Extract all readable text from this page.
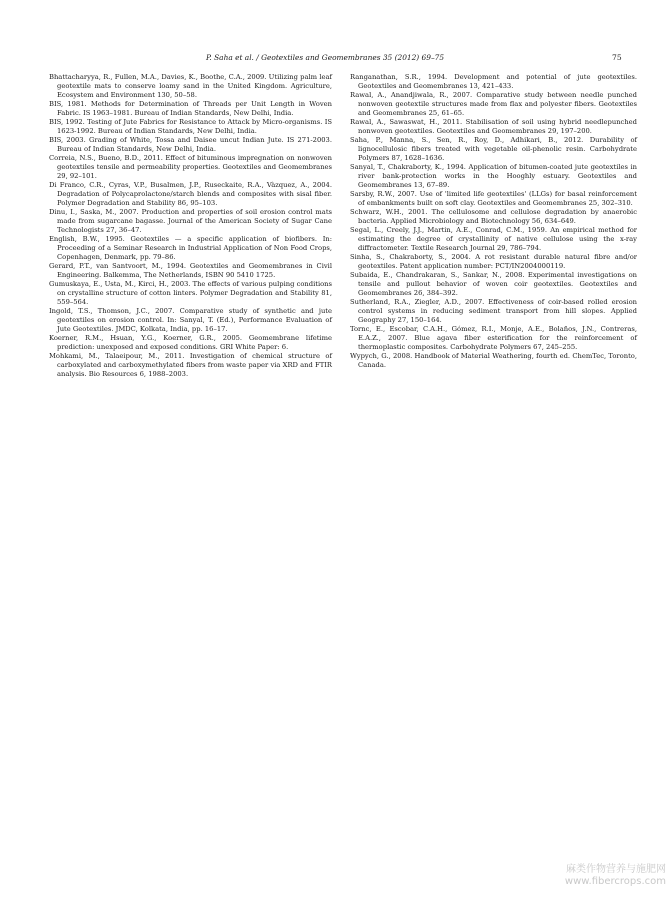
P. Saha et al. / Geotextiles and Geomembranes 35 (2012) 69–75	75

Bhattacharyya, R., Fullen, M.A., Davies, K., Boothe, C.A., 2009. Utilizing palm leaf geotextile mats to conserve loamy sand in the United Kingdom. Agriculture, Ecosystem and Environment 130, 50–58.

BIS, 1981. Methods for Determination of Threads per Unit Length in Woven Fabric. IS 1963–1981. Bureau of Indian Standards, New Delhi, India.

BIS, 1992. Testing of Jute Fabrics for Resistance to Attack by Micro-organisms. IS 1623-1992. Bureau of Indian Standards, New Delhi, India.

BIS, 2003. Grading of White, Tossa and Daisee uncut Indian Jute. IS 271-2003. Bureau of Indian Standards, New Delhi, India.

Correia, N.S., Bueno, B.D., 2011. Effect of bituminous impregnation on nonwoven geotextiles tensile and permeability properties. Geotextiles and Geomembranes 29, 92–101.

Di Franco, C.R., Cyras, V.P., Busalmen, J.P., Ruseckaite, R.A., Vàzquez, A., 2004. Degradation of Polycaprolactone/starch blends and composites with sisal fiber. Polymer Degradation and Stability 86, 95–103.

Dinu, I., Saska, M., 2007. Production and properties of soil erosion control mats made from sugarcane bagasse. Journal of the American Society of Sugar Cane Technologists 27, 36–47.

English, B.W., 1995. Geotextiles — a specific application of biofibers. In: Proceeding of a Seminar Research in Industrial Application of Non Food Crops, Copenhagen, Denmark, pp. 79–86.

Gerard, P.T., van Santvoort, M., 1994. Geotextiles and Geomembranes in Civil Engineering. Balkemma, The Netherlands, ISBN 90 5410 1725.

Gumuskaya, E., Usta, M., Kirci, H., 2003. The effects of various pulping conditions on crystalline structure of cotton linters. Polymer Degradation and Stability 81, 559–564.

Ingold, T.S., Thomson, J.C., 2007. Comparative study of synthetic and jute geotextiles on erosion control. In: Sanyal, T. (Ed.), Performance Evaluation of Jute Geotextiles. JMDC, Kolkata, India, pp. 16–17.

Koerner, R.M., Hsuan, Y.G., Koerner, G.R., 2005. Geomembrane lifetime prediction: unexposed and exposed conditions. GRI White Paper: 6.

Mohkami, M., Talaeipour, M., 2011. Investigation of chemical structure of carboxylated and carboxymethylated fibers from waste paper via XRD and FTIR analysis. Bio Resources 6, 1988–2003.

Ranganathan, S.R., 1994. Development and potential of jute geotextiles. Geotextiles and Geomembranes 13, 421–433.

Rawal, A., Anandjiwala, R., 2007. Comparative study between needle punched nonwoven geotextile structures made from flax and polyester fibers. Geotextiles and Geomembranes 25, 61–65.

Rawal, A., Sawaswat, H., 2011. Stabilisation of soil using hybrid needlepunched nonwoven geotextiles. Geotextiles and Geomembranes 29, 197–200.

Saha, P., Manna, S., Sen, R., Roy, D., Adhikari, B., 2012. Durability of lignocellulosic fibers treated with vegetable oil-phenolic resin. Carbohydrate Polymers 87, 1628–1636.

Sanyal, T., Chakraborty, K., 1994. Application of bitumen-coated jute geotextiles in river bank-protection works in the Hooghly estuary. Geotextiles and Geomembranes 13, 67–89.

Sarsby, R.W., 2007. Use of 'limited life geotextiles' (LLGs) for basal reinforcement of embankments built on soft clay. Geotextiles and Geomembranes 25, 302–310.

Schwarz, W.H., 2001. The cellulosome and cellulose degradation by anaerobic bacteria. Applied Microbiology and Biotechnology 56, 634–649.

Segal, L., Creely, J.J., Martin, A.E., Conrad, C.M., 1959. An empirical method for estimating the degree of crystallinity of native cellulose using the x-ray diffractometer. Textile Research Journal 29, 786–794.

Sinha, S., Chakraborty, S., 2004. A rot resistant durable natural fibre and/or geotextiles. Patent application number: PCT/IN2004000119.

Subaida, E., Chandrakaran, S., Sankar, N., 2008. Experimental investigations on tensile and pullout behavior of woven coir geotextiles. Geotextiles and Geomembranes 26, 384–392.

Sutherland, R.A., Ziegler, A.D., 2007. Effectiveness of coir-based rolled erosion control systems in reducing sediment transport from hill slopes. Applied Geography 27, 150–164.

Tornc, E., Escobar, C.A.H., Gómez, R.I., Monje, A.E., Bolaños, J.N., Contreras, E.A.Z., 2007. Blue agava fiber esterification for the reinforcement of thermoplastic composites. Carbohydrate Polymers 67, 245–255.

Wypych, G., 2008. Handbook of Material Weathering, fourth ed. ChemTec, Toronto, Canada.

麻类作物营养与施肥网
www.fibercrops.com
